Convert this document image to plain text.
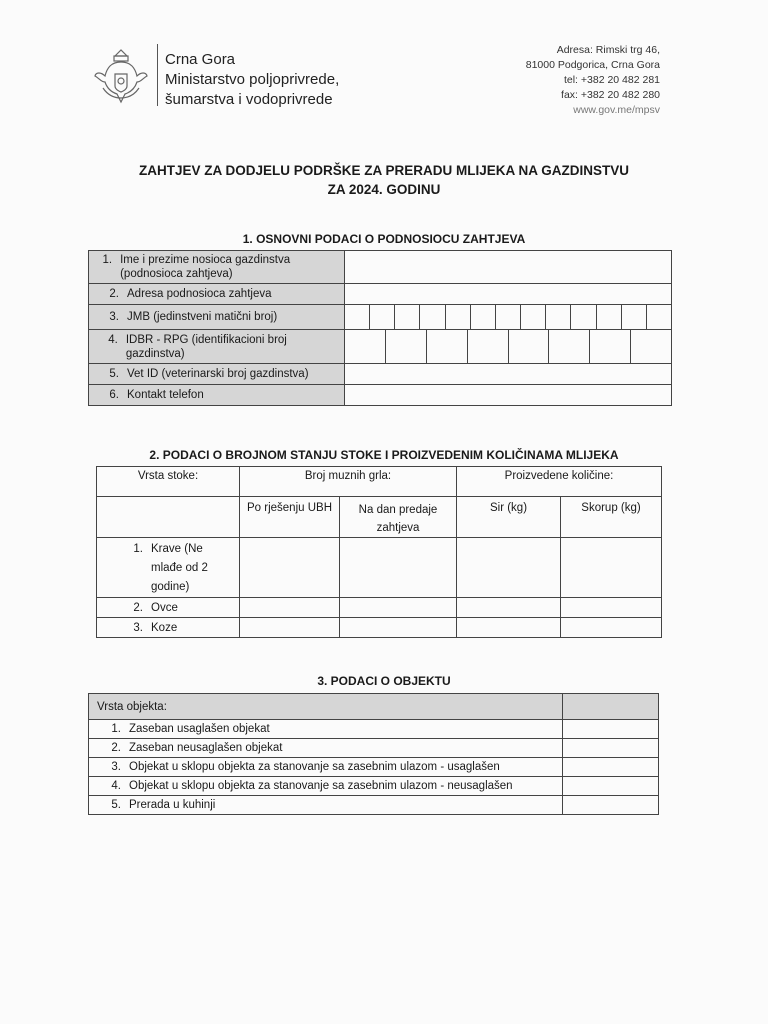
Crna Gora
Ministarstvo poljoprivrede,
šumarstva i vodoprivrede
Adresa: Rimski trg 46,
81000 Podgorica, Crna Gora
tel: +382 20 482 281
fax: +382 20 482 280
www.gov.me/mpsv
ZAHTJEV ZA DODJELU PODRŠKE ZA PRERADU MLIJEKA NA GAZDINSTVU
ZA 2024. GODINU
1. OSNOVNI PODACI O PODNOSIOCU ZAHTJEVA
1. Ime i prezime nosioca gazdinstva (podnosioca zahtjeva)	

2. Adresa podnosioca zahtjeva	

3. JMB (jedinstveni matični broj)	

4. IDBR - RPG (identifikacioni broj gazdinstva)	

5. Vet ID (veterinarski broj gazdinstva)	

6. Kontakt telefon	

2. PODACI O BROJNOM STANJU STOKE I PROIZVEDENIM KOLIČINAMA MLIJEKA
Vrsta stoke:	Broj muznih grla:		Proizvedene količine:	
	Po rješenju UBH	Na dan predaje zahtjeva	Sir (kg)	Skorup (kg)

1. Krave (Ne mlađe od 2 godine)				

2. Ovce				

3. Koze				

3. PODACI O OBJEKTU
Vrsta objekta:	

1. Zaseban usaglašen objekat	

2. Zaseban neusaglašen objekat	

3. Objekat u sklopu objekta za stanovanje sa zasebnim ulazom - usaglašen	

4. Objekat u sklopu objekta za stanovanje sa zasebnim ulazom - neusaglašen	

5. Prerada u kuhinji	
